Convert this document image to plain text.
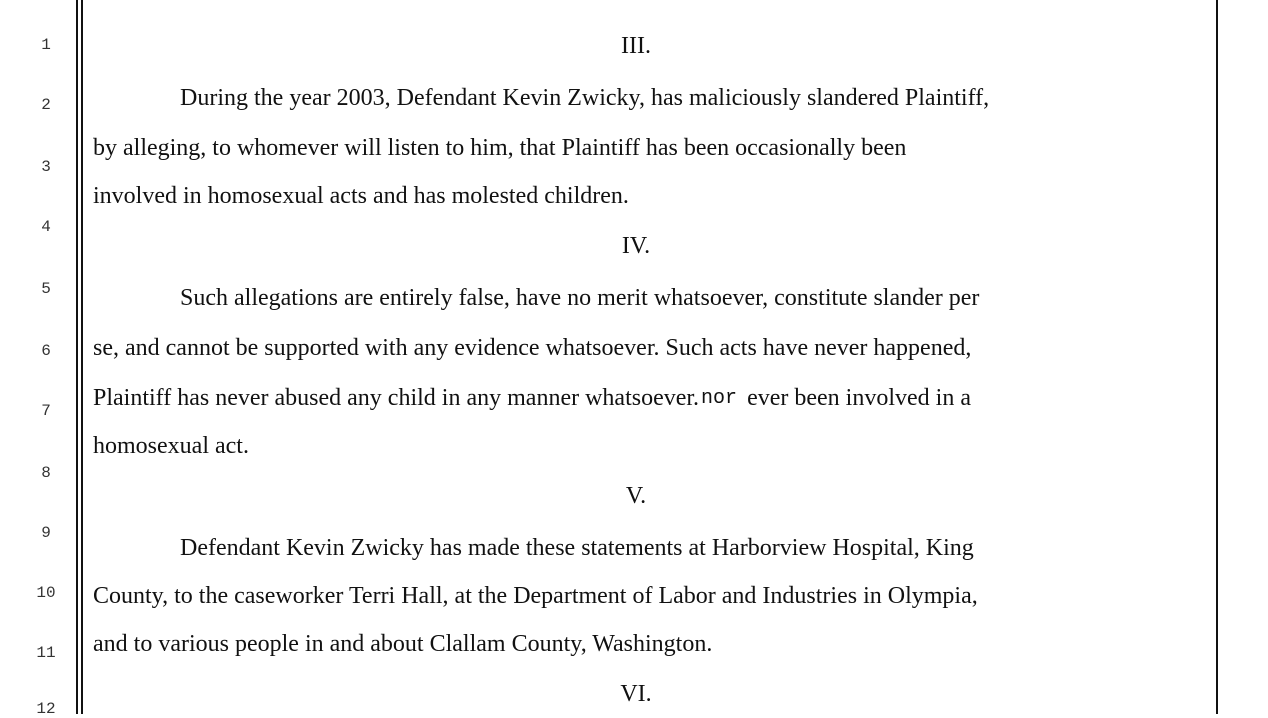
1
2
3
4
5
6
7
8
9
10
11
12
III.
During the year 2003, Defendant Kevin Zwicky, has maliciously slandered Plaintiff,
by alleging, to whomever will listen to him, that Plaintiff has been occasionally been
involved in homosexual acts and has molested children.
IV.
Such allegations are entirely false, have no merit whatsoever, constitute slander per
se, and cannot be supported with any evidence whatsoever. Such acts have never happened,
Plaintiff has never abused any child in any manner whatsoever. nor ever been involved in a
homosexual act.
V.
Defendant Kevin Zwicky has made these statements at Harborview Hospital, King
County, to the caseworker Terri Hall, at the Department of Labor and Industries in Olympia,
and to various people in and about Clallam County, Washington.
VI.
